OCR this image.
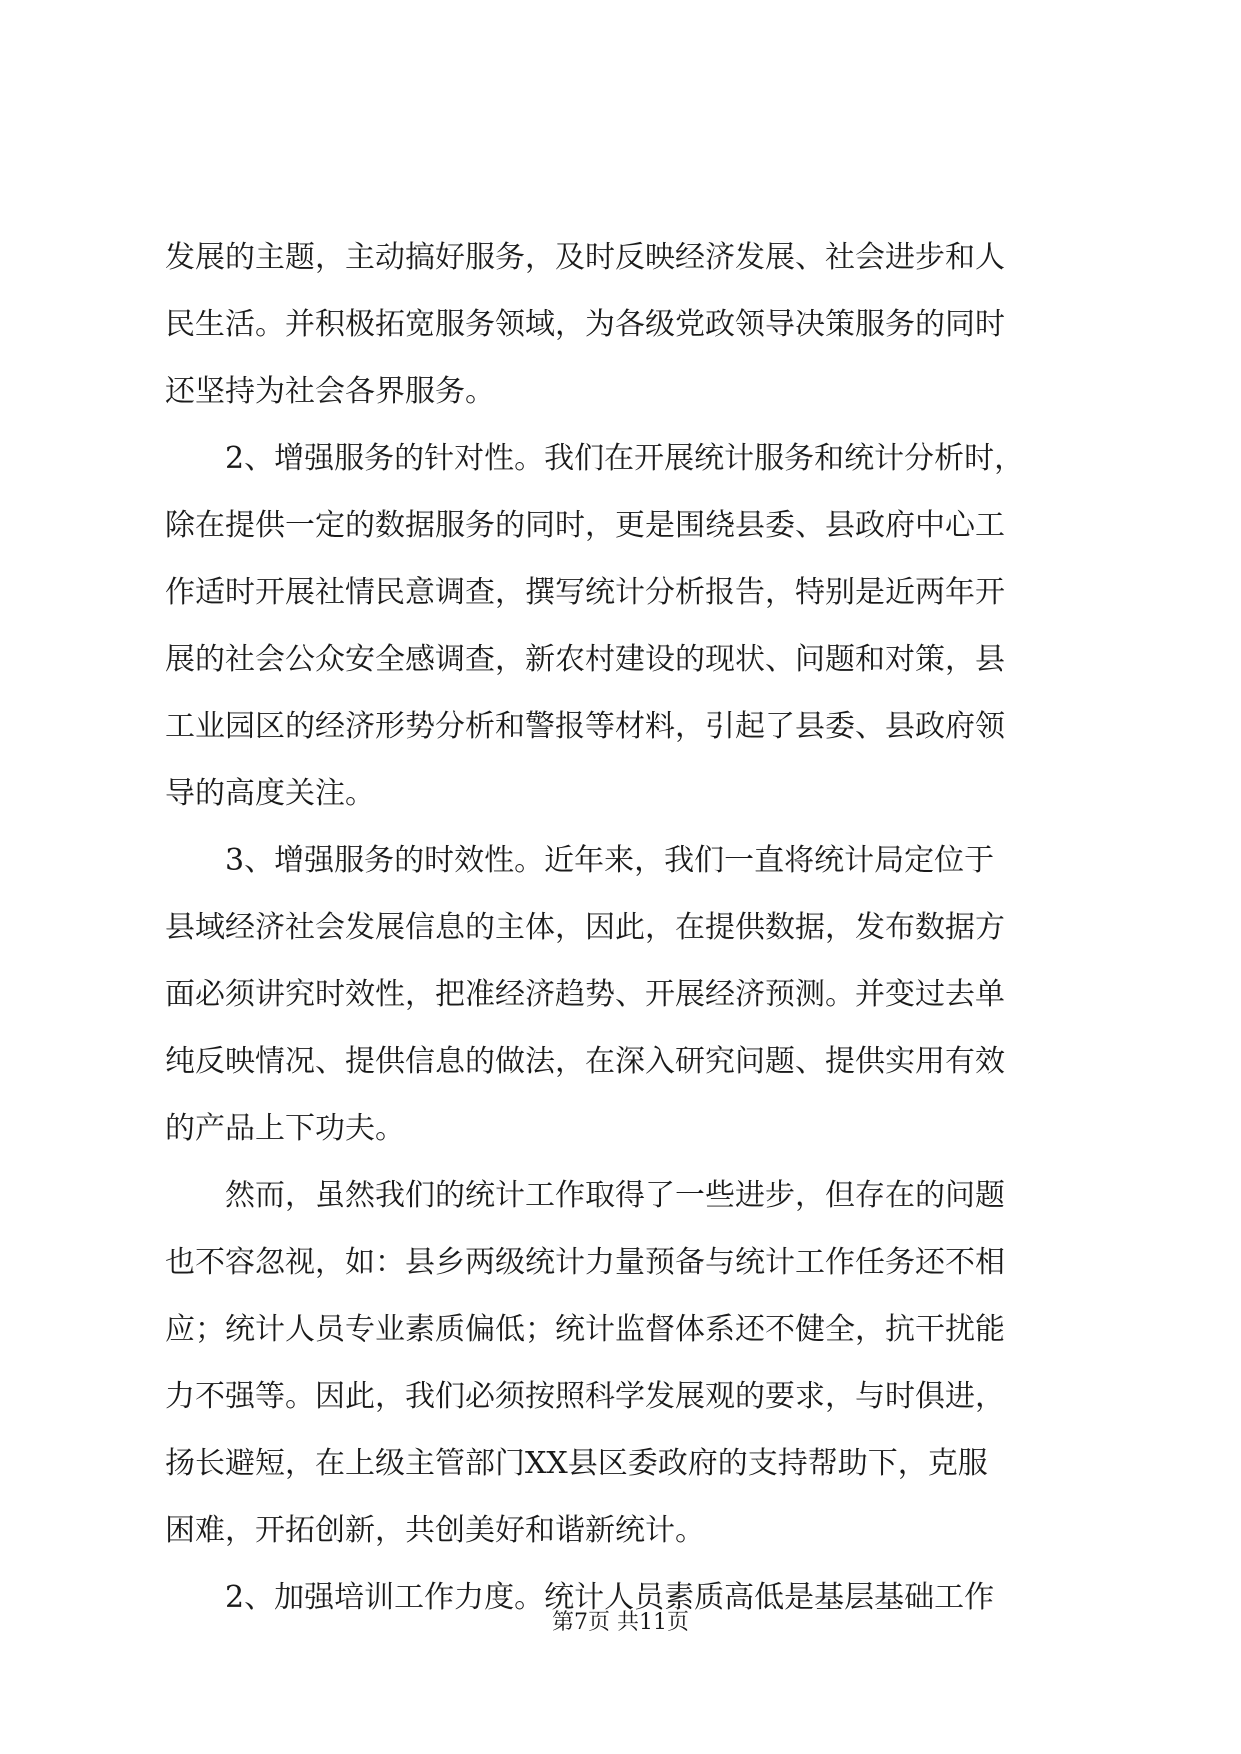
发展的主题，主动搞好服务，及时反映经济发展、社会进步和人
民生活。并积极拓宽服务领域，为各级党政领导决策服务的同时
还坚持为社会各界服务。
　　2、增强服务的针对性。我们在开展统计服务和统计分析时，
除在提供一定的数据服务的同时，更是围绕县委、县政府中心工
作适时开展社情民意调查，撰写统计分析报告，特别是近两年开
展的社会公众安全感调查，新农村建设的现状、问题和对策，县
工业园区的经济形势分析和警报等材料，引起了县委、县政府领
导的高度关注。
　　3、增强服务的时效性。近年来，我们一直将统计局定位于
县域经济社会发展信息的主体，因此，在提供数据，发布数据方
面必须讲究时效性，把准经济趋势、开展经济预测。并变过去单
纯反映情况、提供信息的做法，在深入研究问题、提供实用有效
的产品上下功夫。
　　然而，虽然我们的统计工作取得了一些进步，但存在的问题
也不容忽视，如：县乡两级统计力量预备与统计工作任务还不相
应；统计人员专业素质偏低；统计监督体系还不健全，抗干扰能
力不强等。因此，我们必须按照科学发展观的要求，与时俱进，
扬长避短，在上级主管部门XX县区委政府的支持帮助下，克服
困难，开拓创新，共创美好和谐新统计。
　　2、加强培训工作力度。统计人员素质高低是基层基础工作
第7页 共11页
